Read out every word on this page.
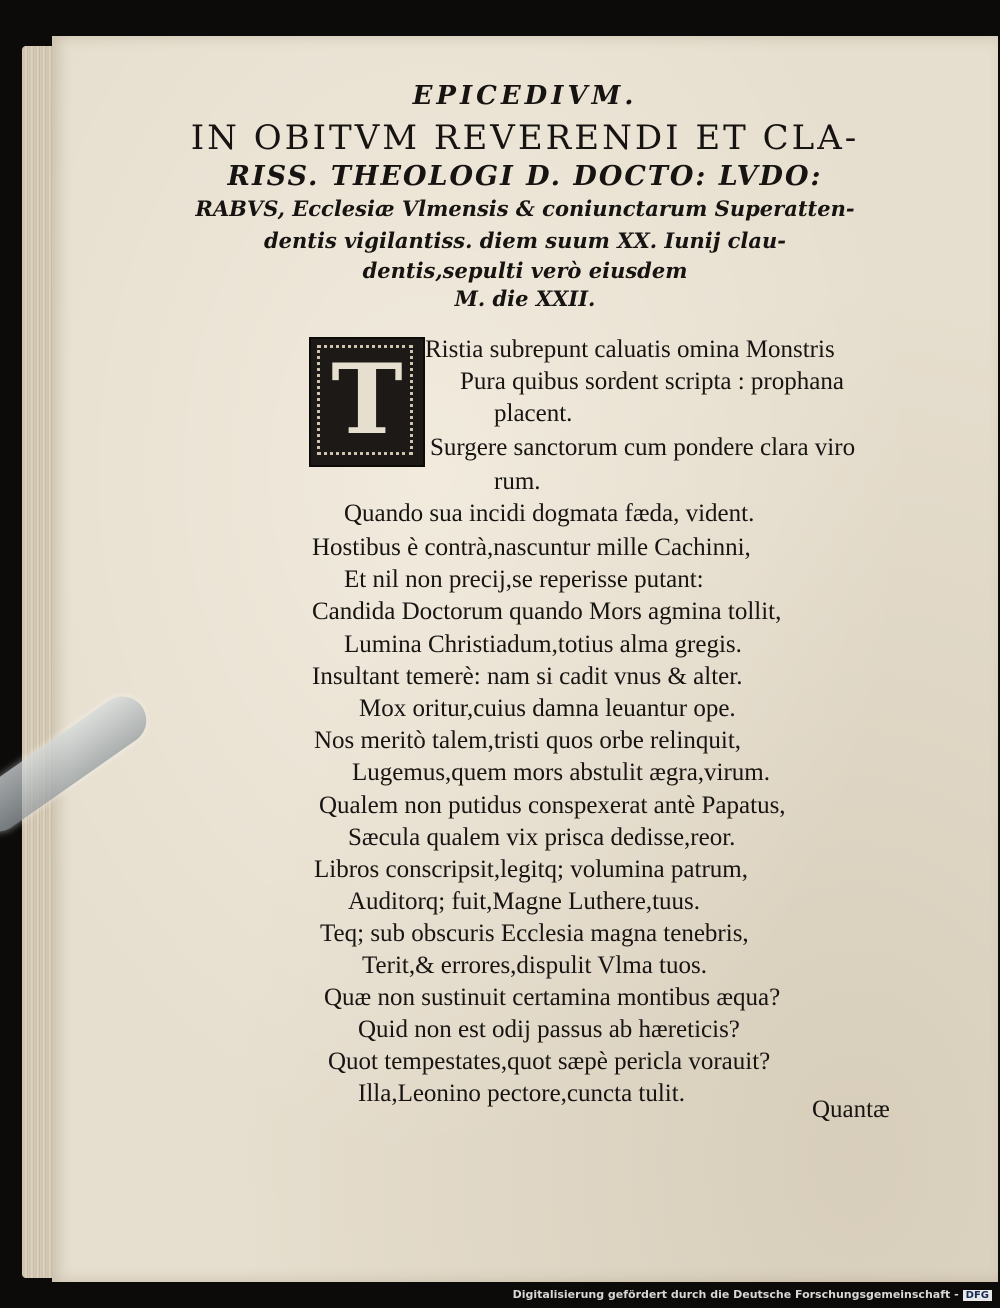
EPICEDIVM.
IN OBITVM REVERENDI ET CLA-
RISS. THEOLOGI D. DOCTO: LVDO:
RABVS, Ecclesiæ Vlmensis & coniunctarum Superatten-
dentis vigilantiss. diem suum XX. Iunij clau-
dentis,sepulti verò eiusdem
M. die XXII.
T Ristia subrepunt caluatis omina Monstris
Pura quibus sordent scripta : prophana
placent.
Surgere sanctorum cum pondere clara viro
rum.
Quando sua incidi dogmata fæda, vident.
Hostibus è contrà,nascuntur mille Cachinni,
Et nil non precij,se reperisse putant:
Candida Doctorum quando Mors agmina tollit,
Lumina Christiadum,totius alma gregis.
Insultant temerè: nam si cadit vnus & alter.
Mox oritur,cuius damna leuantur ope.
Nos meritò talem,tristi quos orbe relinquit,
Lugemus,quem mors abstulit ægra,virum.
Qualem non putidus conspexerat antè Papatus,
Sæcula qualem vix prisca dedisse,reor.
Libros conscripsit,legitq; volumina patrum,
Auditorq; fuit,Magne Luthere,tuus.
Teq; sub obscuris Ecclesia magna tenebris,
Terit,& errores,dispulit Vlma tuos.
Quæ non sustinuit certamina montibus æqua?
Quid non est odij passus ab hæreticis?
Quot tempestates,quot sæpè pericla vorauit?
Illa,Leonino pectore,cuncta tulit.
Quantæ
Digitalisierung gefördert durch die Deutsche Forschungsgemeinschaft - DFG
